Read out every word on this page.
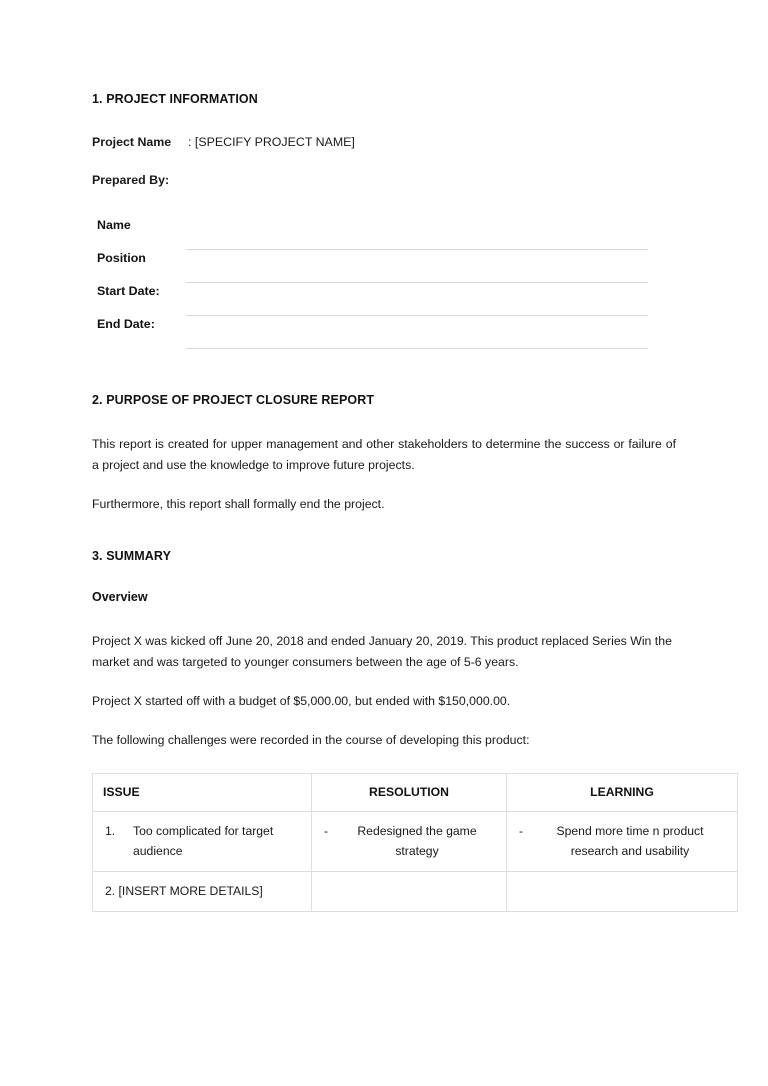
1. PROJECT INFORMATION

Project Name : [SPECIFY PROJECT NAME]

Prepared By:

Name
Position
Start Date:
End Date:
2. PURPOSE OF PROJECT CLOSURE REPORT

This report is created for upper management and other stakeholders to determine the success or failure of a project and use the knowledge to improve future projects.

Furthermore, this report shall formally end the project.

3. SUMMARY

Overview

Project X was kicked off June 20, 2018 and ended January 20, 2019. This product replaced Series Win the market and was targeted to younger consumers between the age of 5-6 years.

Project X started off with a budget of $5,000.00, but ended with $150,000.00.

The following challenges were recorded in the course of developing this product:

ISSUE	RESOLUTION	LEARNING

1. Too complicated for target audience	- Redesigned the game strategy	- Spend more time n product research and usability

2. [INSERT MORE DETAILS]		
